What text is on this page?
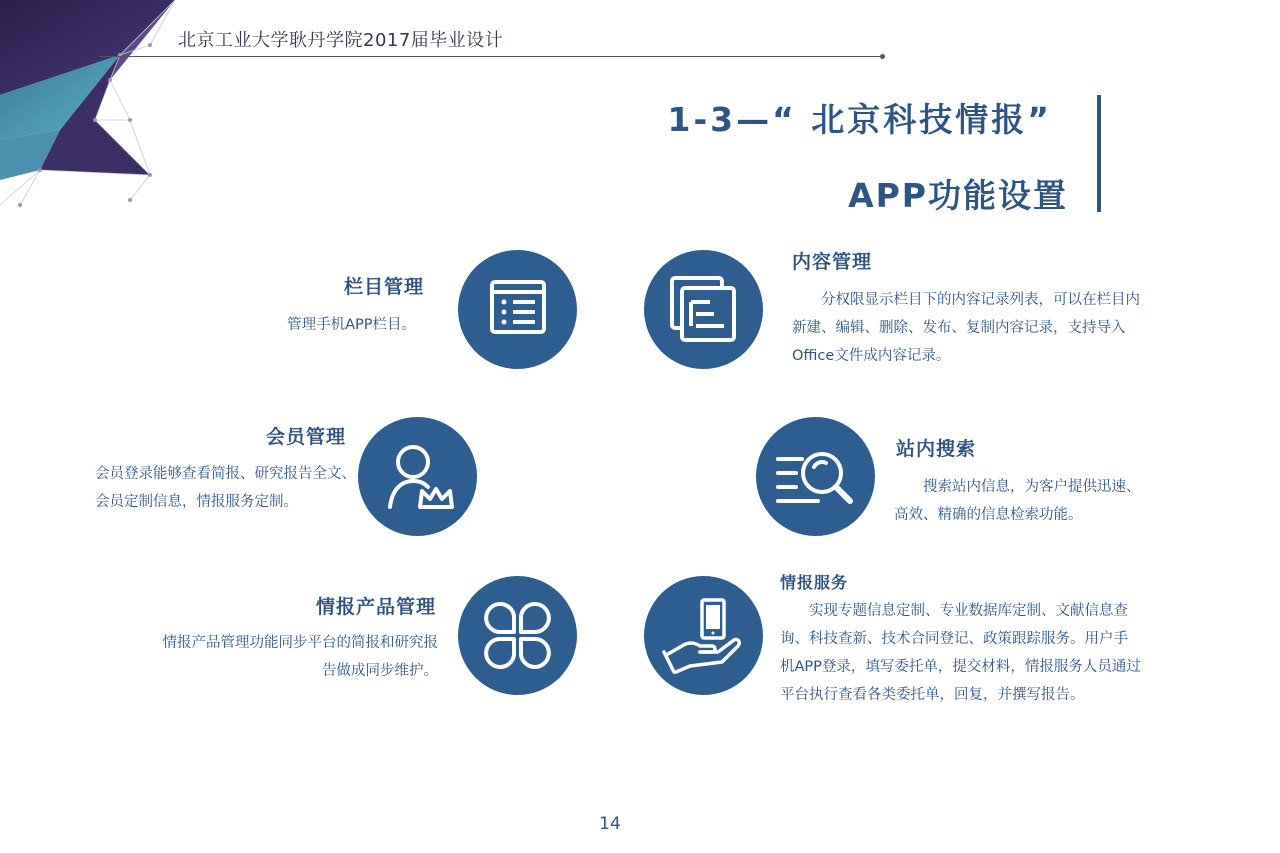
北京工业大学耿丹学院2017届毕业设计
1-3—“ 北京科技情报”
APP功能设置
栏目管理
管理手机APP栏目。
内容管理
分权限显示栏目下的内容记录列表，可以在栏目内新建、编辑、删除、发布、复制内容记录，支持导入Office文件成内容记录。
会员管理
会员登录能够查看简报、研究报告全文、会员定制信息，情报服务定制。
站内搜索
搜索站内信息，为客户提供迅速、高效、精确的信息检索功能。
情报产品管理
情报产品管理功能同步平台的简报和研究报告做成同步维护。
情报服务
实现专题信息定制、专业数据库定制、文献信息查询、科技查新、技术合同登记、政策跟踪服务。用户手机APP登录，填写委托单，提交材料，情报服务人员通过平台执行查看各类委托单，回复，并撰写报告。
14
